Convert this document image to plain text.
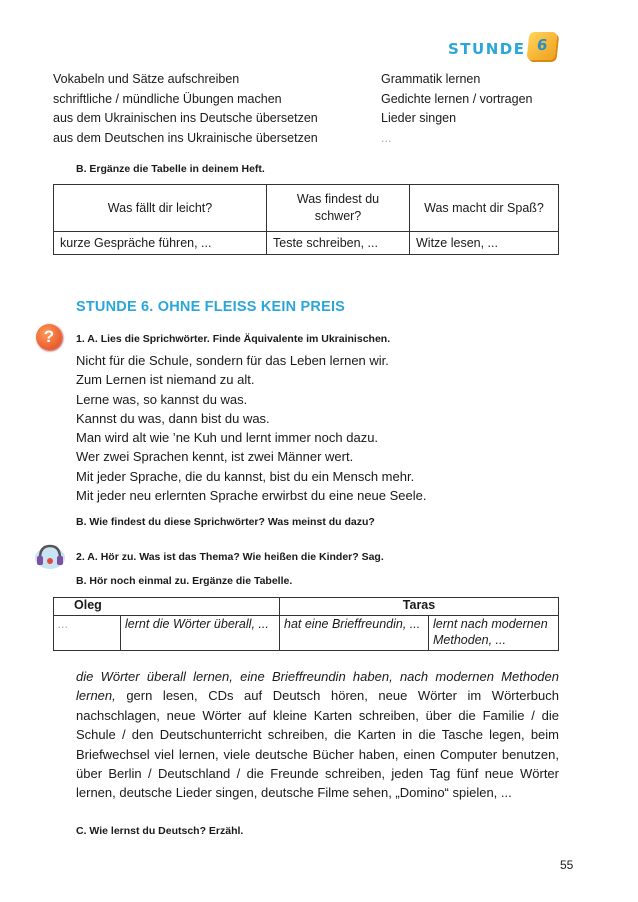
STUNDE 6
Vokabeln und Sätze aufschreiben
schriftliche / mündliche Übungen machen
aus dem Ukrainischen ins Deutsche übersetzen
aus dem Deutschen ins Ukrainische übersetzen
Grammatik lernen
Gedichte lernen / vortragen
Lieder singen
...
B. Ergänze die Tabelle in deinem Heft.
Was fällt dir leicht?	Was findest du schwer?	Was macht dir Spaß?
kurze Gespräche führen, ...	Teste schreiben, ...	Witze lesen, ...
STUNDE 6. OHNE FLEISS KEIN PREIS
?	1. A. Lies die Sprichwörter. Finde Äquivalente im Ukrainischen.
Nicht für die Schule, sondern für das Leben lernen wir.
Zum Lernen ist niemand zu alt.
Lerne was, so kannst du was.
Kannst du was, dann bist du was.
Man wird alt wie ’ne Kuh und lernt immer noch dazu.
Wer zwei Sprachen kennt, ist zwei Männer wert.
Mit jeder Sprache, die du kannst, bist du ein Mensch mehr.
Mit jeder neu erlernten Sprache erwirbst du eine neue Seele.
B. Wie findest du diese Sprichwörter? Was meinst du dazu?
2. A. Hör zu. Was ist das Thema? Wie heißen die Kinder? Sag.
B. Hör noch einmal zu. Ergänze die Tabelle.
Oleg		Taras	
...	lernt die Wörter überall, ...	hat eine Brieffreundin, ...	lernt nach modernen Methoden, ...
die Wörter überall lernen, eine Brieffreundin haben, nach modernen Methoden lernen, gern lesen, CDs auf Deutsch hören, neue Wörter im Wörterbuch nachschlagen, neue Wörter auf kleine Karten schreiben, über die Familie / die Schule / den Deutschunterricht schreiben, die Karten in die Tasche legen, beim Briefwechsel viel lernen, viele deutsche Bücher haben, einen Computer benutzen, über Berlin / Deutschland / die Freunde schreiben, jeden Tag fünf neue Wörter lernen, deutsche Lieder singen, deutsche Filme sehen, „Domino“ spielen, ...
C. Wie lernst du Deutsch? Erzähl.
55
